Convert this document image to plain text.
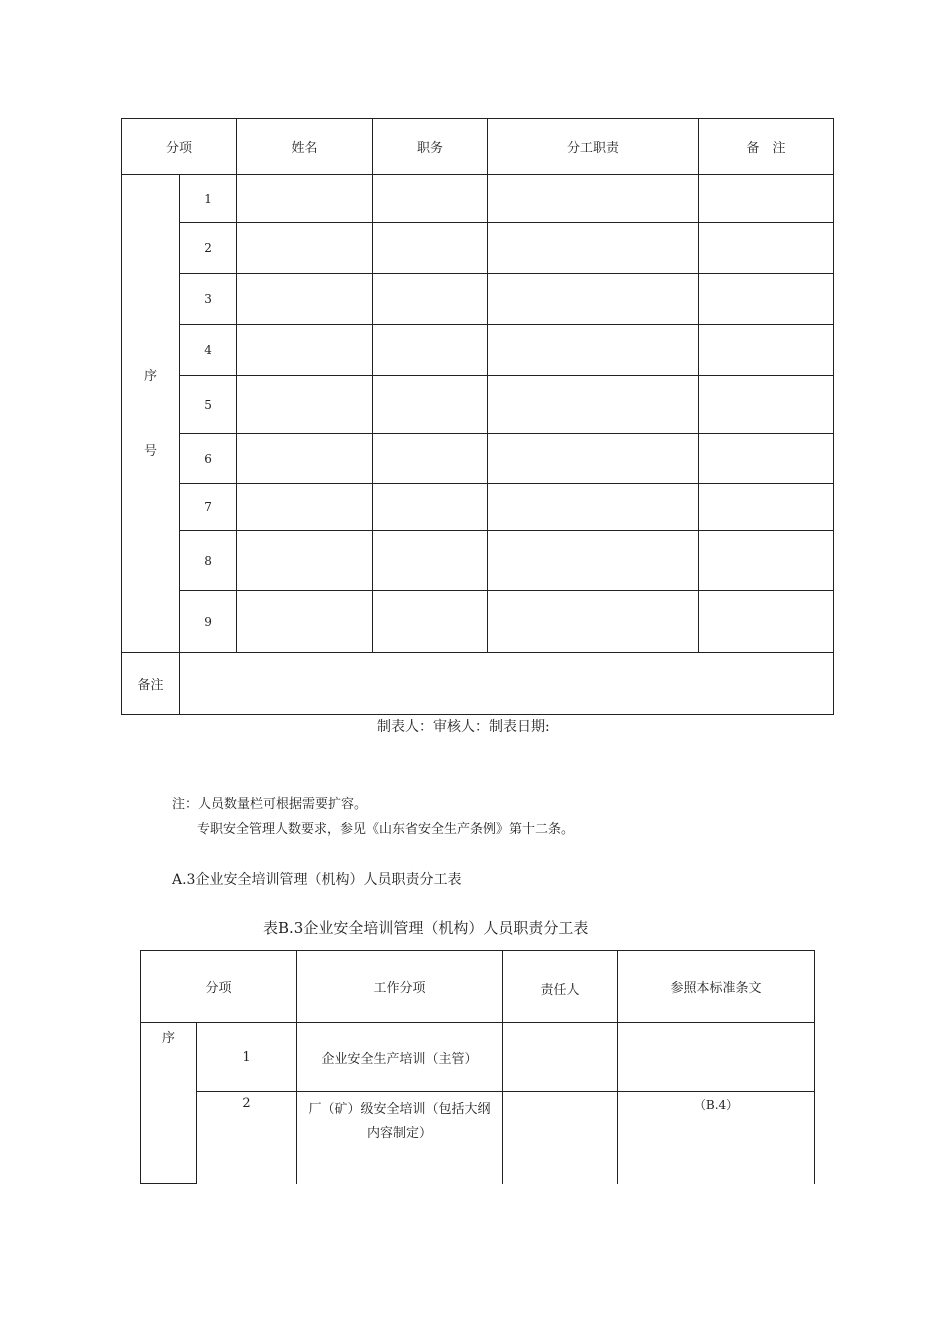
分项		姓名	职务	分工职责	备　注

序
号	1				
	2				
	3				
	4				
	5				
	6				
	7				
	8				
	9				
备注					
制表人：审核人：制表日期:
注：人员数量栏可根据需要扩容。
专职安全管理人数要求，参见《山东省安全生产条例》第十二条。
A.3企业安全培训管理（机构）人员职责分工表
表B.3企业安全培训管理（机构）人员职责分工表
分项		工作分项	责任人	参照本标准条文
序	1	企业安全生产培训（主管）		
	2	厂（矿）级安全培训（包括大纲内容制定）		（B.4）
